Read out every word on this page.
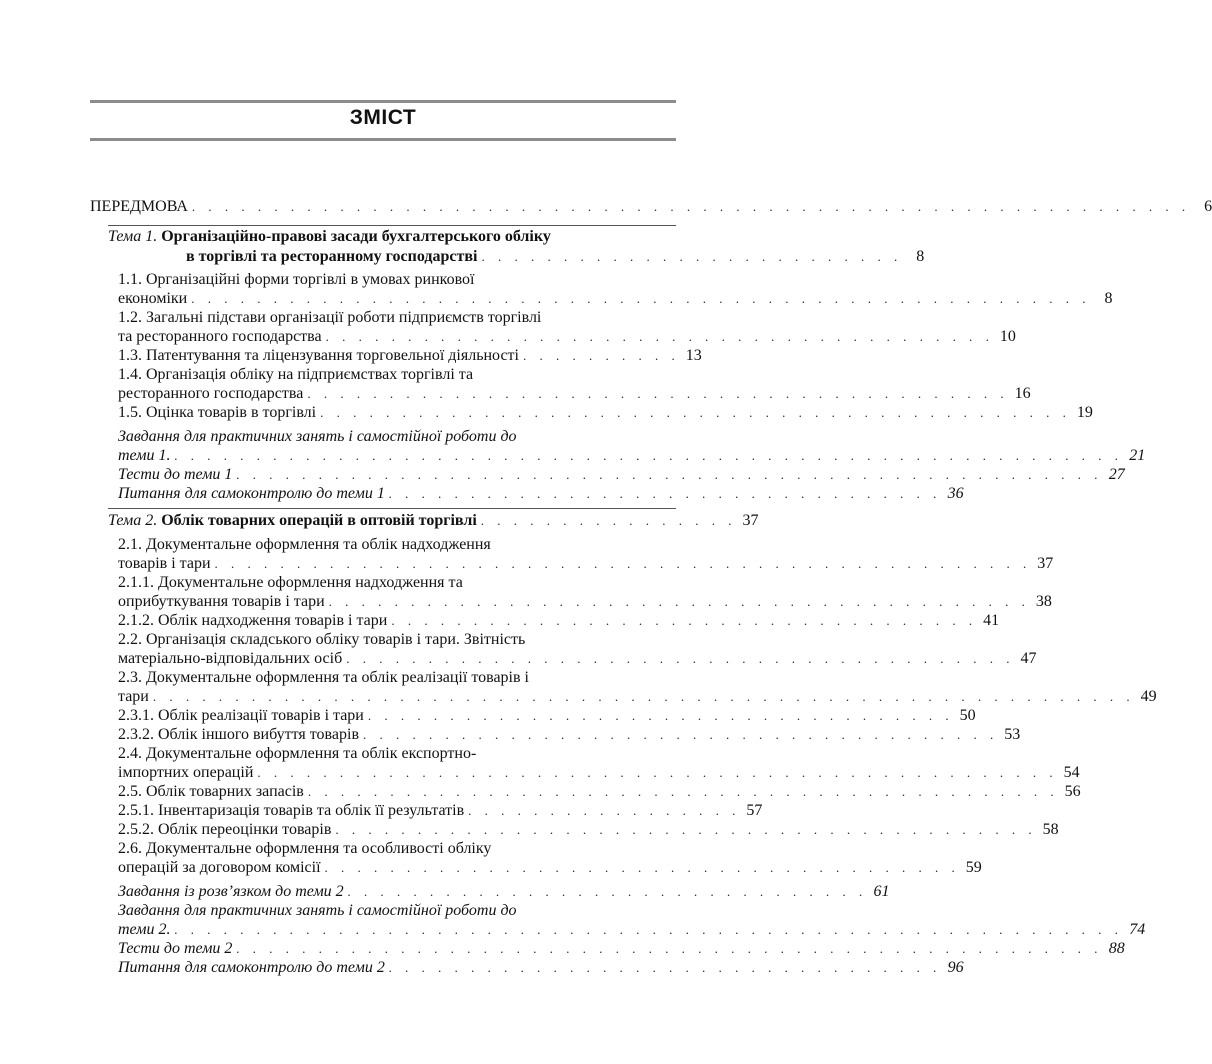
ЗМІСТ
ПЕРЕДМОВА . . . . . . . . . . . . . . . . . . . . . . . . . . . . . . . . . . . . . . . . . . . . . . . . . . . . . . . . . . . . . 6
Тема 1. Організаційно-правові засади бухгалтерського обліку
в торгівлі та ресторанному господарстві . . . . . . . . . . . . . . . . . . . . . . . . . . 8
1.1. Організаційні форми торгівлі в умовах ринкової
економіки . . . . . . . . . . . . . . . . . . . . . . . . . . . . . . . . . . . . . . . . . . . . . . . . . . . . . . . 8
1.2. Загальні підстави організації роботи підприємств торгівлі
та ресторанного господарства . . . . . . . . . . . . . . . . . . . . . . . . . . . . . . . . . . . . . . . . . 10
1.3. Патентування та ліцензування торговельної діяльності . . . . . . . . . . 13
1.4. Організація обліку на підприємствах торгівлі та
ресторанного господарства . . . . . . . . . . . . . . . . . . . . . . . . . . . . . . . . . . . . . . . . . . . 16
1.5. Оцінка товарів в торгівлі . . . . . . . . . . . . . . . . . . . . . . . . . . . . . . . . . . . . . . . . . . . . . . 19
Завдання для практичних занять і самостійної роботи до
теми 1. . . . . . . . . . . . . . . . . . . . . . . . . . . . . . . . . . . . . . . . . . . . . . . . . . . . . . . . . . . 21
Тести до теми 1 . . . . . . . . . . . . . . . . . . . . . . . . . . . . . . . . . . . . . . . . . . . . . . . . . . . . . 27
Питання для самоконтролю до теми 1 . . . . . . . . . . . . . . . . . . . . . . . . . . . . . . . . . . 36
Тема 2. Облік товарних операцій в оптовій торгівлі . . . . . . . . . . . . . . . . 37
2.1. Документальне оформлення та облік надходження
товарів і тари . . . . . . . . . . . . . . . . . . . . . . . . . . . . . . . . . . . . . . . . . . . . . . . . . . 37
2.1.1. Документальне оформлення надходження та
оприбуткування товарів і тари . . . . . . . . . . . . . . . . . . . . . . . . . . . . . . . . . . . . . . . . . . . 38
2.1.2. Облік надходження товарів і тари . . . . . . . . . . . . . . . . . . . . . . . . . . . . . . . . . . . . 41
2.2. Організація складського обліку товарів і тари. Звітність
матеріально-відповідальних осіб . . . . . . . . . . . . . . . . . . . . . . . . . . . . . . . . . . . . . . . . . 47
2.3. Документальне оформлення та облік реалізації товарів і
тари . . . . . . . . . . . . . . . . . . . . . . . . . . . . . . . . . . . . . . . . . . . . . . . . . . . . . . . . . . . . 49
2.3.1. Облік реалізації товарів і тари . . . . . . . . . . . . . . . . . . . . . . . . . . . . . . . . . . . . 50
2.3.2. Облік іншого вибуття товарів . . . . . . . . . . . . . . . . . . . . . . . . . . . . . . . . . . . . . . . 53
2.4. Документальне оформлення та облік експортно-
імпортних операцій . . . . . . . . . . . . . . . . . . . . . . . . . . . . . . . . . . . . . . . . . . . . . . . . . 54
2.5. Облік товарних запасів . . . . . . . . . . . . . . . . . . . . . . . . . . . . . . . . . . . . . . . . . . . . . . 56
2.5.1. Інвентаризація товарів та облік її результатів . . . . . . . . . . . . . . . . . 57
2.5.2. Облік переоцінки товарів . . . . . . . . . . . . . . . . . . . . . . . . . . . . . . . . . . . . . . . . . . . 58
2.6. Документальне оформлення та особливості обліку
операцій за договором комісії . . . . . . . . . . . . . . . . . . . . . . . . . . . . . . . . . . . . . . . 59
Завдання із розв’язком до теми 2 . . . . . . . . . . . . . . . . . . . . . . . . . . . . . . . . 61
Завдання для практичних занять і самостійної роботи до
теми 2. . . . . . . . . . . . . . . . . . . . . . . . . . . . . . . . . . . . . . . . . . . . . . . . . . . . . . . . . . . 74
Тести до теми 2 . . . . . . . . . . . . . . . . . . . . . . . . . . . . . . . . . . . . . . . . . . . . . . . . . . . . . 88
Питання для самоконтролю до теми 2 . . . . . . . . . . . . . . . . . . . . . . . . . . . . . . . . . . 96
